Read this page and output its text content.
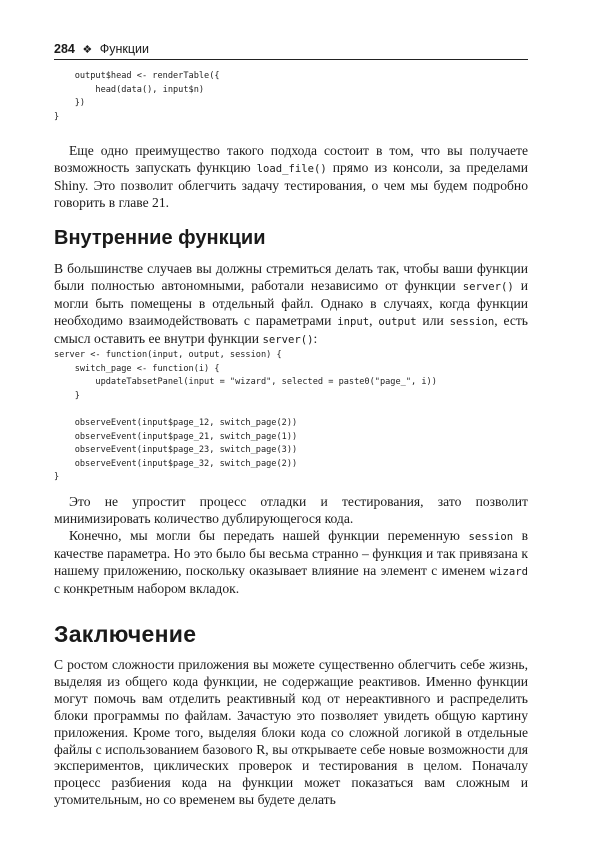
284 ❖ Функции
output$head <- renderTable({
head(data(), input$n)
})
}

Еще одно преимущество такого подхода состоит в том, что вы получаете возможность запускать функцию load_file() прямо из консоли, за пределами Shiny. Это позволит облегчить задачу тестирования, о чем мы будем подробно говорить в главе 21.

Внутренние функции

В большинстве случаев вы должны стремиться делать так, чтобы ваши функции были полностью автономными, работали независимо от функции server() и могли быть помещены в отдельный файл. Однако в случаях, когда функции необходимо взаимодействовать с параметрами input, output или session, есть смысл оставить ее внутри функции server():

server <- function(input, output, session) {
switch_page <- function(i) {
updateTabsetPanel(input = "wizard", selected = paste0("page_", i))
}

observeEvent(input$page_12, switch_page(2))
observeEvent(input$page_21, switch_page(1))
observeEvent(input$page_23, switch_page(3))
observeEvent(input$page_32, switch_page(2))
}

Это не упростит процесс отладки и тестирования, зато позволит минимизировать количество дублирующегося кода.

Конечно, мы могли бы передать нашей функции переменную session в качестве параметра. Но это было бы весьма странно – функция и так привязана к нашему приложению, поскольку оказывает влияние на элемент с именем wizard с конкретным набором вкладок.

Заключение

С ростом сложности приложения вы можете существенно облегчить себе жизнь, выделяя из общего кода функции, не содержащие реактивов. Именно функции могут помочь вам отделить реактивный код от нереактивного и распределить блоки программы по файлам. Зачастую это позволяет увидеть общую картину приложения. Кроме того, выделяя блоки кода со сложной логикой в отдельные файлы с использованием базового R, вы открываете себе новые возможности для экспериментов, циклических проверок и тестирования в целом. Поначалу процесс разбиения кода на функции может показаться вам сложным и утомительным, но со временем вы будете делать
